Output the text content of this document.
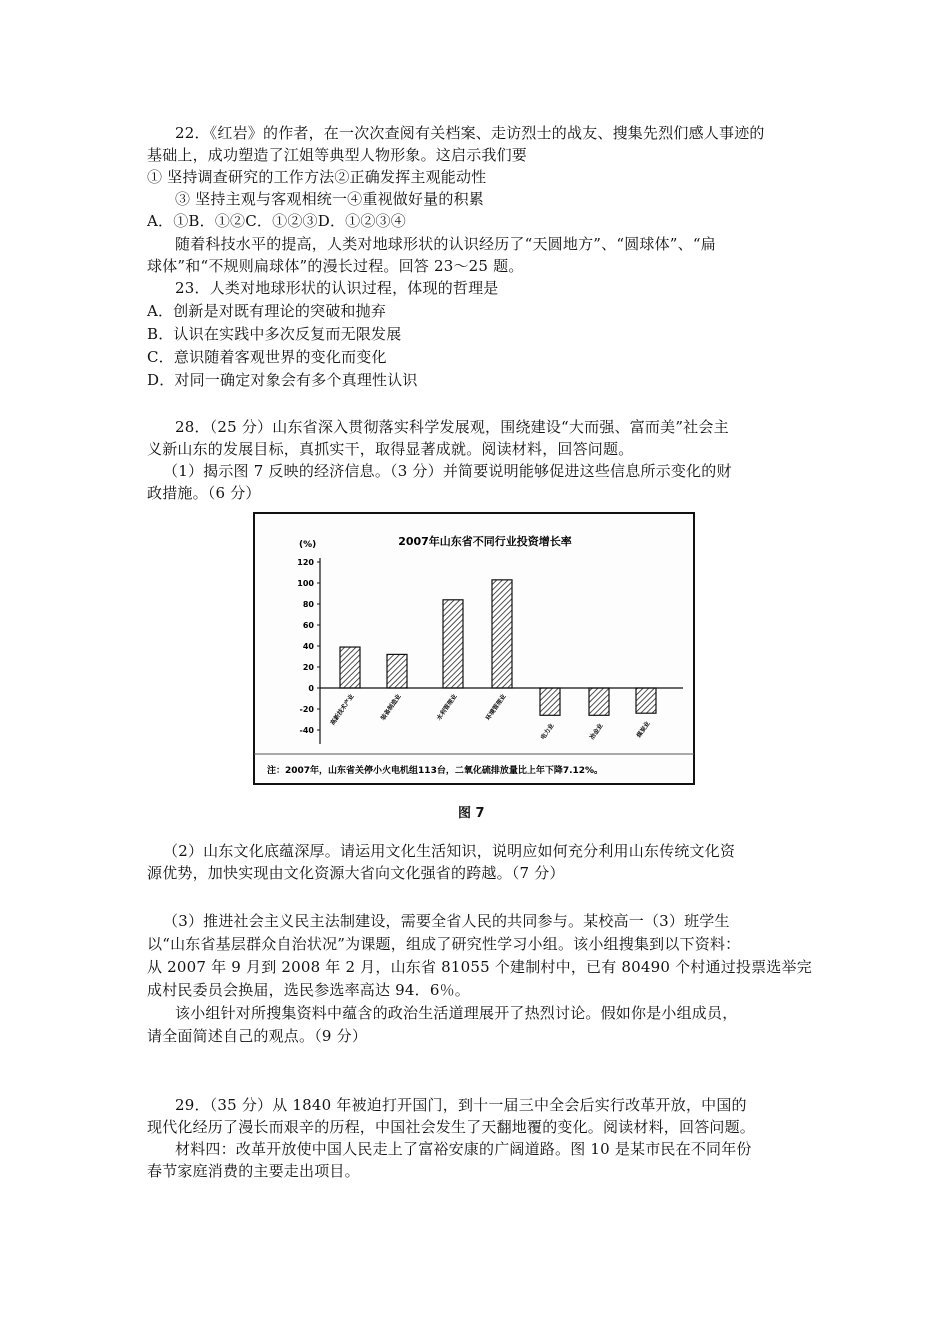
22．《红岩》的作者，在一次次查阅有关档案、走访烈士的战友、搜集先烈们感人事迹的
基础上，成功塑造了江姐等典型人物形象。这启示我们要
① 坚持调查研究的工作方法②正确发挥主观能动性
③ 坚持主观与客观相统一④重视做好量的积累
A．①B．①②C．①②③D．①②③④
随着科技水平的提高，人类对地球形状的认识经历了“天圆地方”、“圆球体”、“扁
球体”和“不规则扁球体”的漫长过程。回答 23～25 题。
23．人类对地球形状的认识过程，体现的哲理是
A．创新是对既有理论的突破和抛弃
B．认识在实践中多次反复而无限发展
C．意识随着客观世界的变化而变化
D．对同一确定对象会有多个真理性认识
28．（25 分）山东省深入贯彻落实科学发展观，围绕建设“大而强、富而美”社会主
义新山东的发展目标，真抓实干，取得显著成就。阅读材料，回答问题。
（1）揭示图 7 反映的经济信息。（3 分）并简要说明能够促进这些信息所示变化的财
政措施。（6 分）
2007年山东省不同行业投资增长率
(%)
120
100
80
60
40
20
0
-20
-40
高新技术产业	装备制造业	水利管理业	环境管理业
电力业	冶金业	煤炭业
注：2007年，山东省关停小火电机组113台，二氧化硫排放量比上年下降7.12%。
图 7
（2）山东文化底蕴深厚。请运用文化生活知识，说明应如何充分利用山东传统文化资
源优势，加快实现由文化资源大省向文化强省的跨越。（7 分）
（3）推进社会主义民主法制建设，需要全省人民的共同参与。某校高一（3）班学生
以“山东省基层群众自治状况”为课题，组成了研究性学习小组。该小组搜集到以下资料：
从 2007 年 9 月到 2008 年 2 月，山东省 81055 个建制村中，已有 80490 个村通过投票选举完
成村民委员会换届，选民参选率高达 94．6％。
该小组针对所搜集资料中蕴含的政治生活道理展开了热烈讨论。假如你是小组成员，
请全面简述自己的观点。（9 分）
29．（35 分）从 1840 年被迫打开国门，到十一届三中全会后实行改革开放，中国的
现代化经历了漫长而艰辛的历程，中国社会发生了天翻地覆的变化。阅读材料，回答问题。
材料四：改革开放使中国人民走上了富裕安康的广阔道路。图 10 是某市民在不同年份
春节家庭消费的主要走出项目。
